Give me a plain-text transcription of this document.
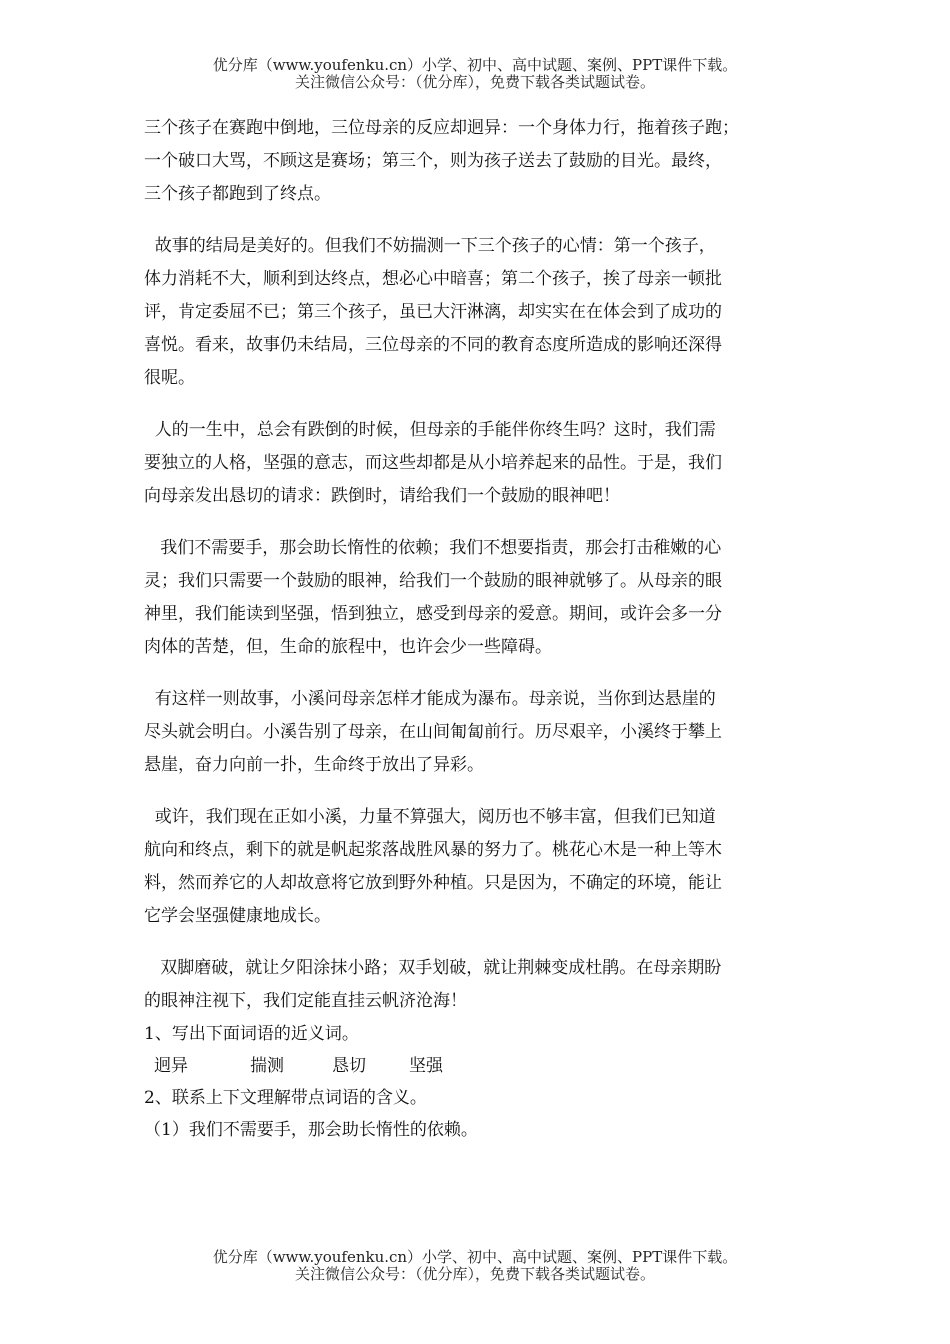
优分库（www.youfenku.cn）小学、初中、高中试题、案例、PPT课件下载。
关注微信公众号：（优分库），免费下载各类试题试卷。
三个孩子在赛跑中倒地，三位母亲的反应却迥异：一个身体力行，拖着孩子跑；
一个破口大骂，不顾这是赛场；第三个，则为孩子送去了鼓励的目光。最终，
三个孩子都跑到了终点。
故事的结局是美好的。但我们不妨揣测一下三个孩子的心情：第一个孩子，
体力消耗不大，顺利到达终点，想必心中暗喜；第二个孩子，挨了母亲一顿批
评，肯定委屈不已；第三个孩子，虽已大汗淋漓，却实实在在体会到了成功的
喜悦。看来，故事仍未结局，三位母亲的不同的教育态度所造成的影响还深得
很呢。
人的一生中，总会有跌倒的时候，但母亲的手能伴你终生吗？这时，我们需
要独立的人格，坚强的意志，而这些却都是从小培养起来的品性。于是，我们
向母亲发出恳切的请求：跌倒时，请给我们一个鼓励的眼神吧！
我们不需要手，那会助长惰性的依赖；我们不想要指责，那会打击稚嫩的心
灵；我们只需要一个鼓励的眼神，给我们一个鼓励的眼神就够了。从母亲的眼
神里，我们能读到坚强，悟到独立，感受到母亲的爱意。期间，或许会多一分
肉体的苦楚，但，生命的旅程中，也许会少一些障碍。
有这样一则故事，小溪问母亲怎样才能成为瀑布。母亲说，当你到达悬崖的
尽头就会明白。小溪告别了母亲，在山间匍匐前行。历尽艰辛，小溪终于攀上
悬崖，奋力向前一扑，生命终于放出了异彩。
或许，我们现在正如小溪，力量不算强大，阅历也不够丰富，但我们已知道
航向和终点，剩下的就是帆起浆落战胜风暴的努力了。桃花心木是一种上等木
料，然而养它的人却故意将它放到野外种植。只是因为，不确定的环境，能让
它学会坚强健康地成长。
双脚磨破，就让夕阳涂抹小路；双手划破，就让荆棘变成杜鹃。在母亲期盼
的眼神注视下，我们定能直挂云帆济沧海！
1、写出下面词语的近义词。
迥异	揣测	恳切	坚强
2、联系上下文理解带点词语的含义。
（1）我们不需要手，那会助长惰性的依赖。
优分库（www.youfenku.cn）小学、初中、高中试题、案例、PPT课件下载。
关注微信公众号：（优分库），免费下载各类试题试卷。
